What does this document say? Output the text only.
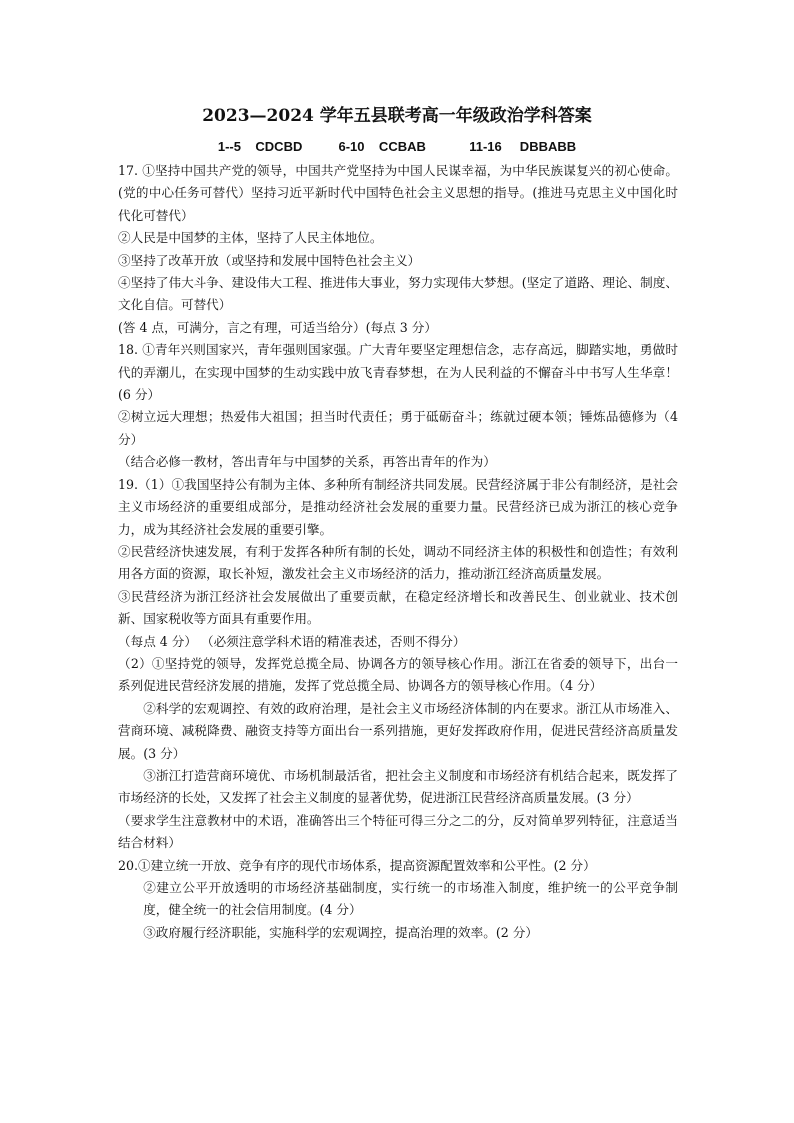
2023—2024 学年五县联考高一年级政治学科答案
1--5    CDCBD          6-10    CCBAB            11-16     DBBABB

17. ①坚持中国共产党的领导，中国共产党坚持为中国人民谋幸福，为中华民族谋复兴的初心使命。(党的中心任务可替代）坚持习近平新时代中国特色社会主义思想的指导。(推进马克思主义中国化时代化可替代）

②人民是中国梦的主体，坚持了人民主体地位。

③坚持了改革开放（或坚持和发展中国特色社会主义）

④坚持了伟大斗争、建设伟大工程、推进伟大事业，努力实现伟大梦想。(坚定了道路、理论、制度、文化自信。可替代）

(答 4 点，可满分，言之有理，可适当给分）(每点 3 分）

18. ①青年兴则国家兴，青年强则国家强。广大青年要坚定理想信念，志存高远，脚踏实地，勇做时代的弄潮儿，在实现中国梦的生动实践中放飞青春梦想，在为人民利益的不懈奋斗中书写人生华章！(6 分）

②树立远大理想；热爱伟大祖国；担当时代责任；勇于砥砺奋斗；练就过硬本领；锤炼品德修为（4 分）

（结合必修一教材，答出青年与中国梦的关系，再答出青年的作为）

19.（1）①我国坚持公有制为主体、多种所有制经济共同发展。民营经济属于非公有制经济，是社会主义市场经济的重要组成部分，是推动经济社会发展的重要力量。民营经济已成为浙江的核心竞争力，成为其经济社会发展的重要引擎。

②民营经济快速发展，有利于发挥各种所有制的长处，调动不同经济主体的积极性和创造性；有效利用各方面的资源，取长补短，激发社会主义市场经济的活力，推动浙江经济高质量发展。

③民营经济为浙江经济社会发展做出了重要贡献，在稳定经济增长和改善民生、创业就业、技术创新、国家税收等方面具有重要作用。

（每点 4 分） （必须注意学科术语的精准表述，否则不得分）

（2）①坚持党的领导，发挥党总揽全局、协调各方的领导核心作用。浙江在省委的领导下，出台一系列促进民营经济发展的措施，发挥了党总揽全局、协调各方的领导核心作用。（4 分）

②科学的宏观调控、有效的政府治理，是社会主义市场经济体制的内在要求。浙江从市场准入、营商环境、减税降费、融资支持等方面出台一系列措施，更好发挥政府作用，促进民营经济高质量发展。(3 分）

③浙江打造营商环境优、市场机制最活省，把社会主义制度和市场经济有机结合起来，既发挥了市场经济的长处，又发挥了社会主义制度的显著优势，促进浙江民营经济高质量发展。(3 分）

（要求学生注意教材中的术语，准确答出三个特征可得三分之二的分，反对简单罗列特征，注意适当结合材料）

20.①建立统一开放、竞争有序的现代市场体系，提高资源配置效率和公平性。(2 分）

②建立公平开放透明的市场经济基础制度，实行统一的市场准入制度，维护统一的公平竞争制度，健全统一的社会信用制度。(4 分）

③政府履行经济职能，实施科学的宏观调控，提高治理的效率。(2 分）
